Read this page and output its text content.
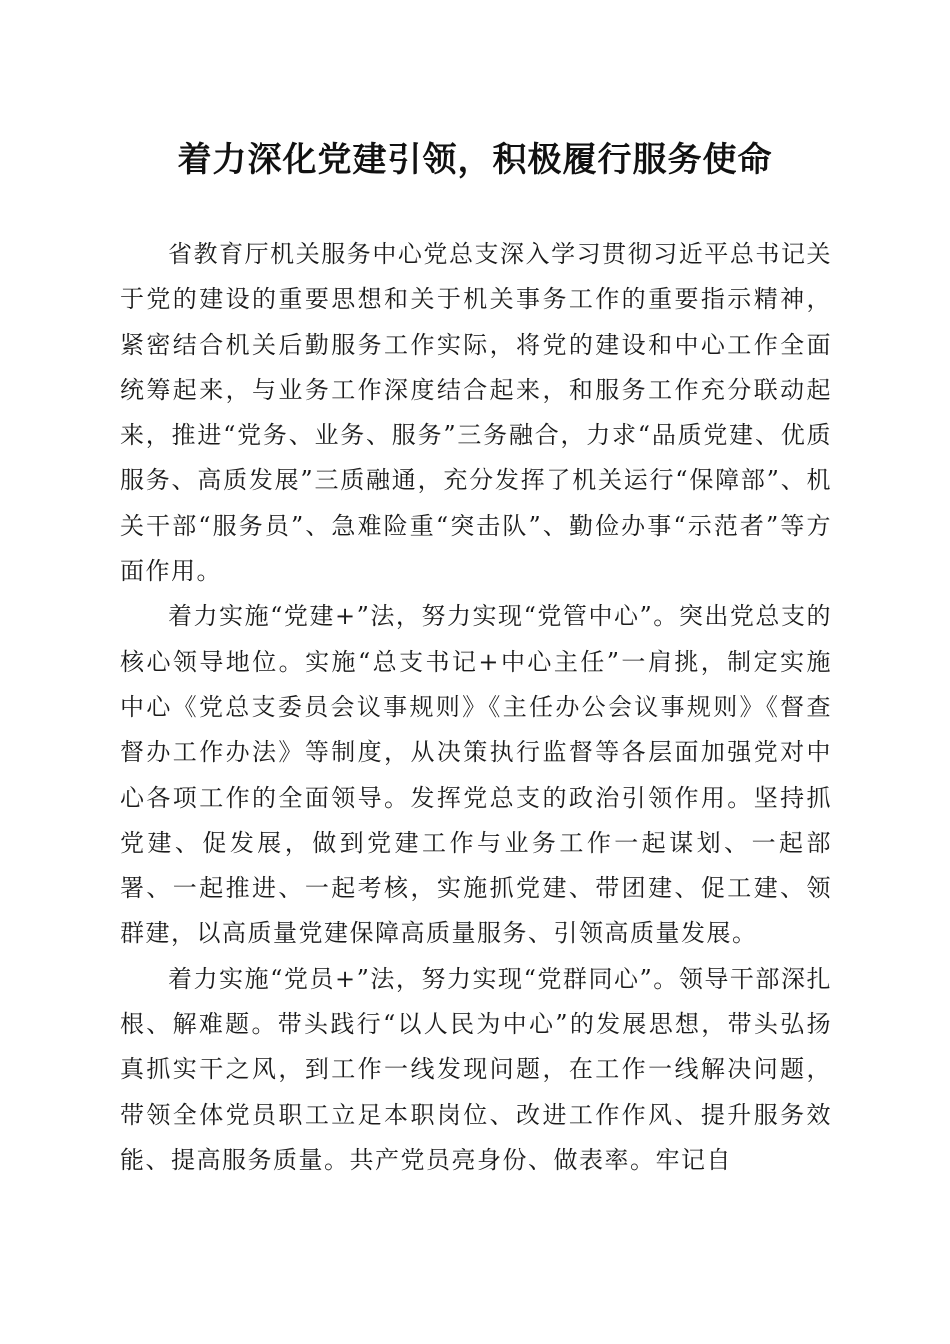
着力深化党建引领，积极履行服务使命

省教育厅机关服务中心党总支深入学习贯彻习近平总书记关于党的建设的重要思想和关于机关事务工作的重要指示精神，紧密结合机关后勤服务工作实际，将党的建设和中心工作全面统筹起来，与业务工作深度结合起来，和服务工作充分联动起来，推进“党务、业务、服务”三务融合，力求“品质党建、优质服务、高质发展”三质融通，充分发挥了机关运行“保障部”、机关干部“服务员”、急难险重“突击队”、勤俭办事“示范者”等方面作用。

着力实施“党建+”法，努力实现“党管中心”。突出党总支的核心领导地位。实施“总支书记+中心主任”一肩挑，制定实施中心《党总支委员会议事规则》《主任办公会议事规则》《督查督办工作办法》等制度，从决策执行监督等各层面加强党对中心各项工作的全面领导。发挥党总支的政治引领作用。坚持抓党建、促发展，做到党建工作与业务工作一起谋划、一起部署、一起推进、一起考核，实施抓党建、带团建、促工建、领群建，以高质量党建保障高质量服务、引领高质量发展。

着力实施“党员+”法，努力实现“党群同心”。领导干部深扎根、解难题。带头践行“以人民为中心”的发展思想，带头弘扬真抓实干之风，到工作一线发现问题，在工作一线解决问题，带领全体党员职工立足本职岗位、改进工作作风、提升服务效能、提高服务质量。共产党员亮身份、做表率。牢记自
